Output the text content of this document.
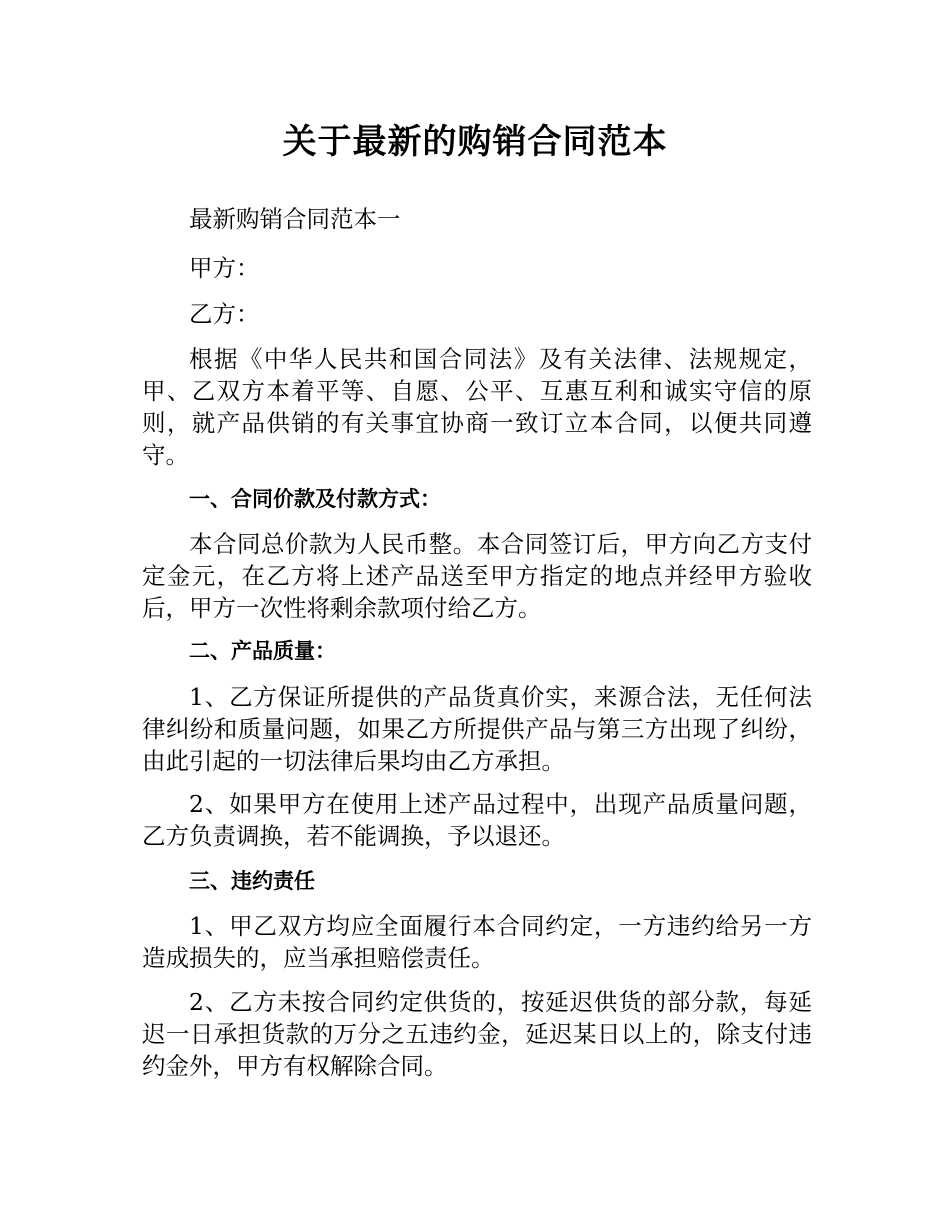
关于最新的购销合同范本

最新购销合同范本一

甲方：

乙方：

根据《中华人民共和国合同法》及有关法律、法规规定，甲、乙双方本着平等、自愿、公平、互惠互利和诚实守信的原则，就产品供销的有关事宜协商一致订立本合同，以便共同遵守。

一、合同价款及付款方式：

本合同总价款为人民币整。本合同签订后，甲方向乙方支付定金元，在乙方将上述产品送至甲方指定的地点并经甲方验收后，甲方一次性将剩余款项付给乙方。

二、产品质量：

1、乙方保证所提供的产品货真价实，来源合法，无任何法律纠纷和质量问题，如果乙方所提供产品与第三方出现了纠纷，由此引起的一切法律后果均由乙方承担。

2、如果甲方在使用上述产品过程中，出现产品质量问题，乙方负责调换，若不能调换，予以退还。

三、违约责任

1、甲乙双方均应全面履行本合同约定，一方违约给另一方造成损失的，应当承担赔偿责任。

2、乙方未按合同约定供货的，按延迟供货的部分款，每延迟一日承担货款的万分之五违约金，延迟某日以上的，除支付违约金外，甲方有权解除合同。
